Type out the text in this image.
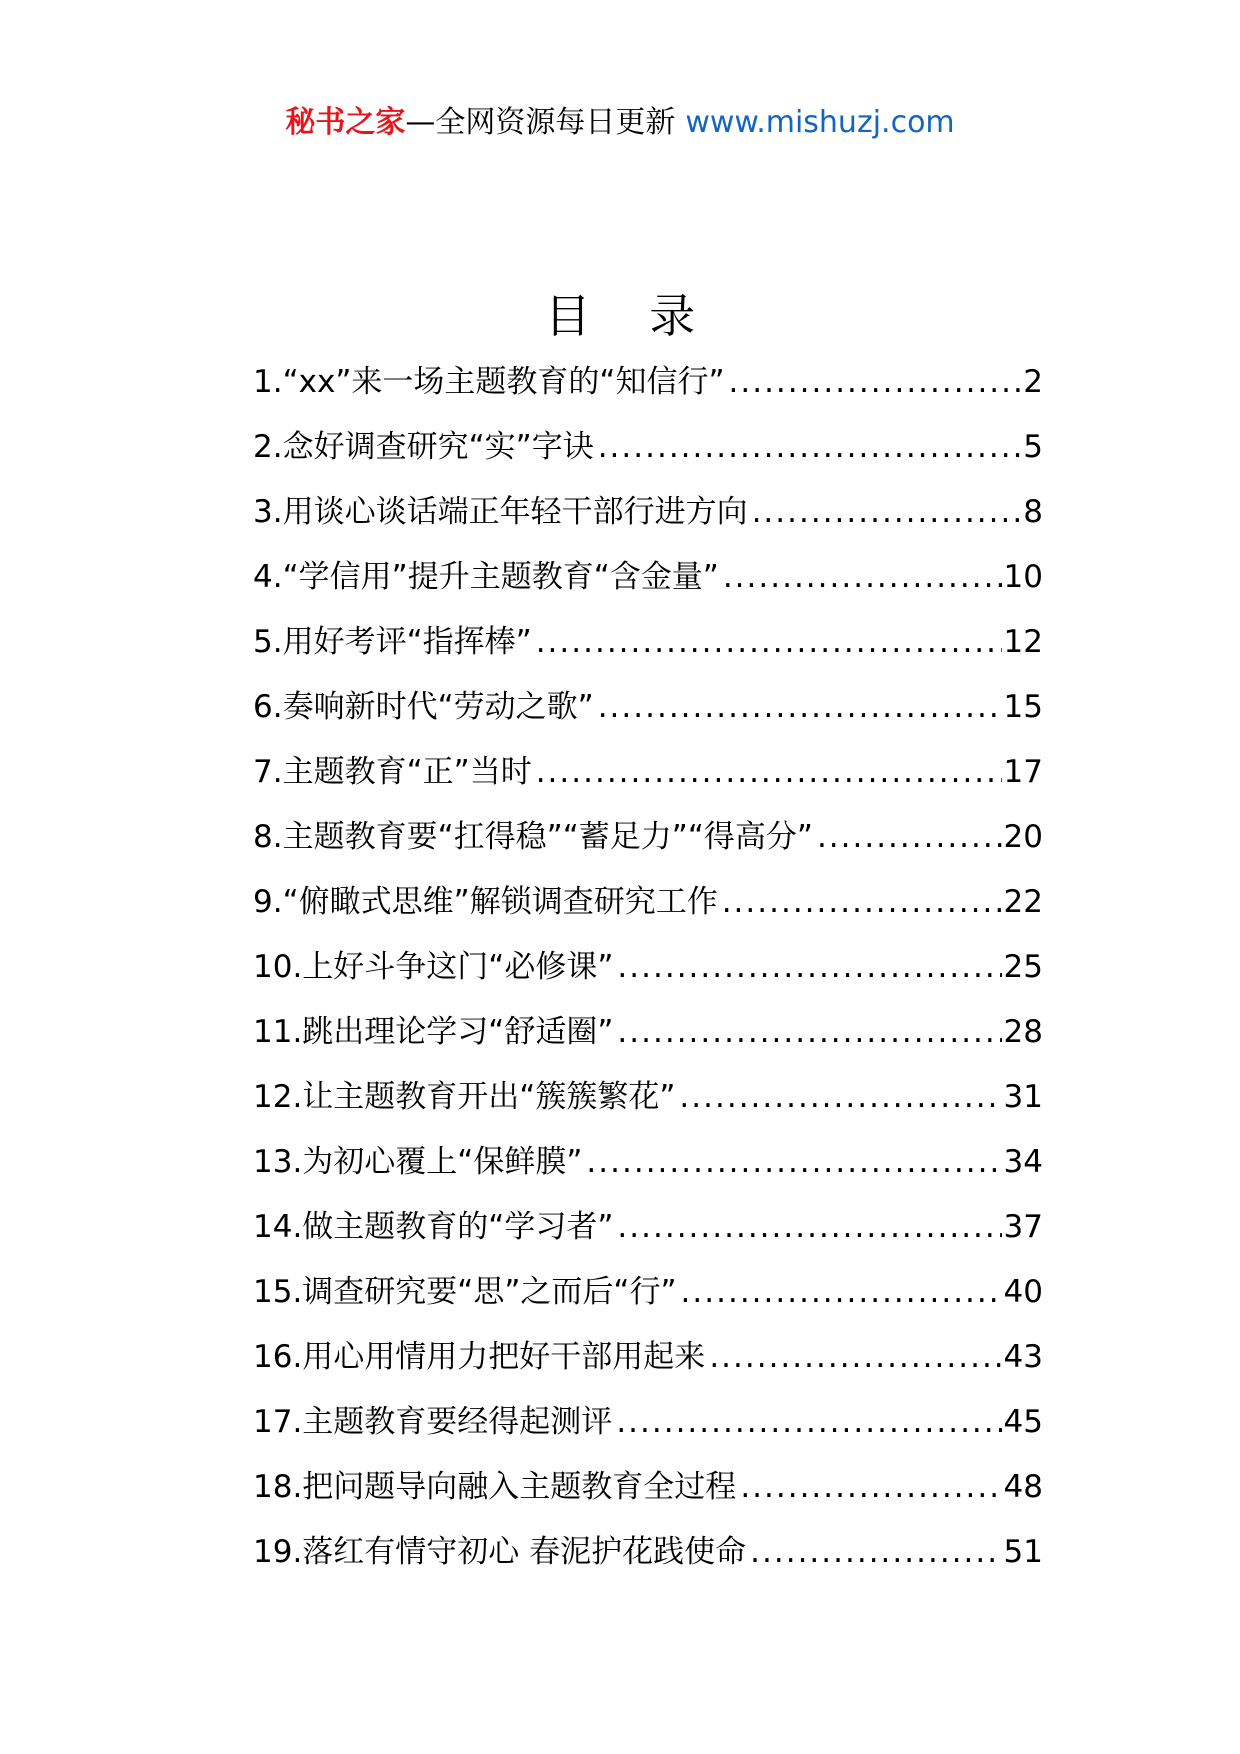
秘书之家—全网资源每日更新 www.mishuzj.com
目 录
1.“xx”来一场主题教育的“知信行” .....	2
2.念好调查研究“实”字诀 .....	5
3.用谈心谈话端正年轻干部行进方向 .....	8
4.“学信用”提升主题教育“含金量” .....	10
5.用好考评“指挥棒” .....	12
6.奏响新时代“劳动之歌” .....	15
7.主题教育“正”当时 .....	17
8.主题教育要“扛得稳”“蓄足力”“得高分” .....	20
9.“俯瞰式思维”解锁调查研究工作 .....	22
10.上好斗争这门“必修课” .....	25
11.跳出理论学习“舒适圈” .....	28
12.让主题教育开出“簇簇繁花” .....	31
13.为初心覆上“保鲜膜” .....	34
14.做主题教育的“学习者” .....	37
15.调查研究要“思”之而后“行” .....	40
16.用心用情用力把好干部用起来 .....	43
17.主题教育要经得起测评 .....	45
18.把问题导向融入主题教育全过程 .....	48
19.落红有情守初心 春泥护花践使命 .....	51
